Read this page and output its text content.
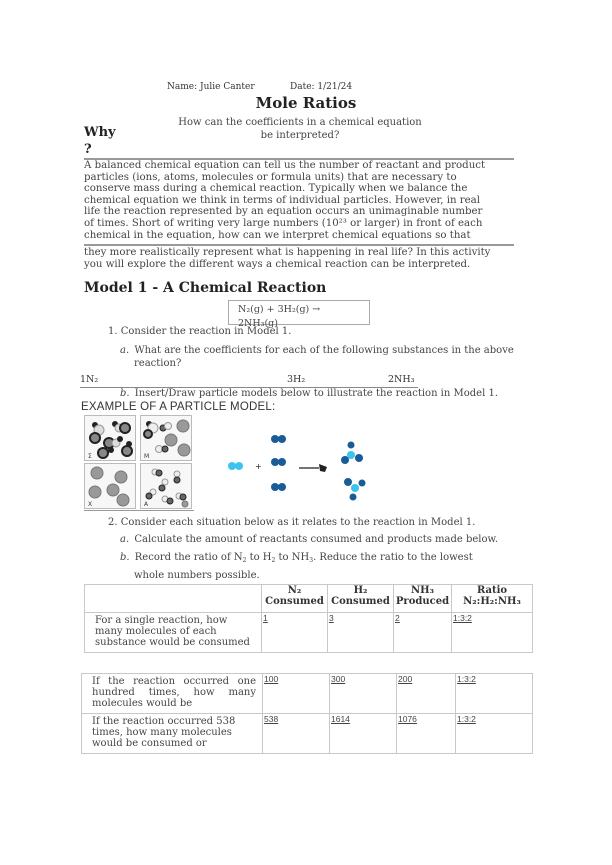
Name: Julie Canter	Date: 1/21/24
Mole Ratios
How can the coefficients in a chemical equation
be interpreted?
Why
?
A balanced chemical equation can tell us the number of reactant and product
particles (ions, atoms, molecules or formula units) that are necessary to
conserve mass during a chemical reaction. Typically when we balance the
chemical equation we think in terms of individual particles. However, in real
life the reaction represented by an equation occurs an unimaginable number
of times. Short of writing very large numbers (10²³ or larger) in front of each
chemical in the equation, how can we interpret chemical equations so that
they more realistically represent what is happening in real life? In this activity
you will explore the different ways a chemical reaction can be interpreted.
Model 1 - A Chemical Reaction
N₂(g) + 3H₂(g) →
2NH₃(g)
1. Consider the reaction in Model 1.
a. What are the coefficients for each of the following substances in the above reaction?
1N₂	3H₂	2NH₃
b. Insert/Draw particle models below to illustrate the reaction in Model 1.
EXAMPLE OF A PARTICLE MODEL:
Σ	M
X	A
+
2. Consider each situation below as it relates to the reaction in Model 1.
a. Calculate the amount of reactants consumed and products made below.
b. Record the ratio of $N_2$ to $H_2$ to $NH_3$. Reduce the ratio to the lowest
whole numbers possible.
	N₂ Consumed	H₂ Consumed	NH₃ Produced	Ratio N₂:H₂:NH₃
For a single reaction, how many molecules of each substance would be consumed	1	3	2	1:3:2
If the reaction occurred one hundred times, how many molecules would be	100	300	200	1:3:2
If the reaction occurred 538 times, how many molecules would be consumed or	538	1614	1076	1:3:2
